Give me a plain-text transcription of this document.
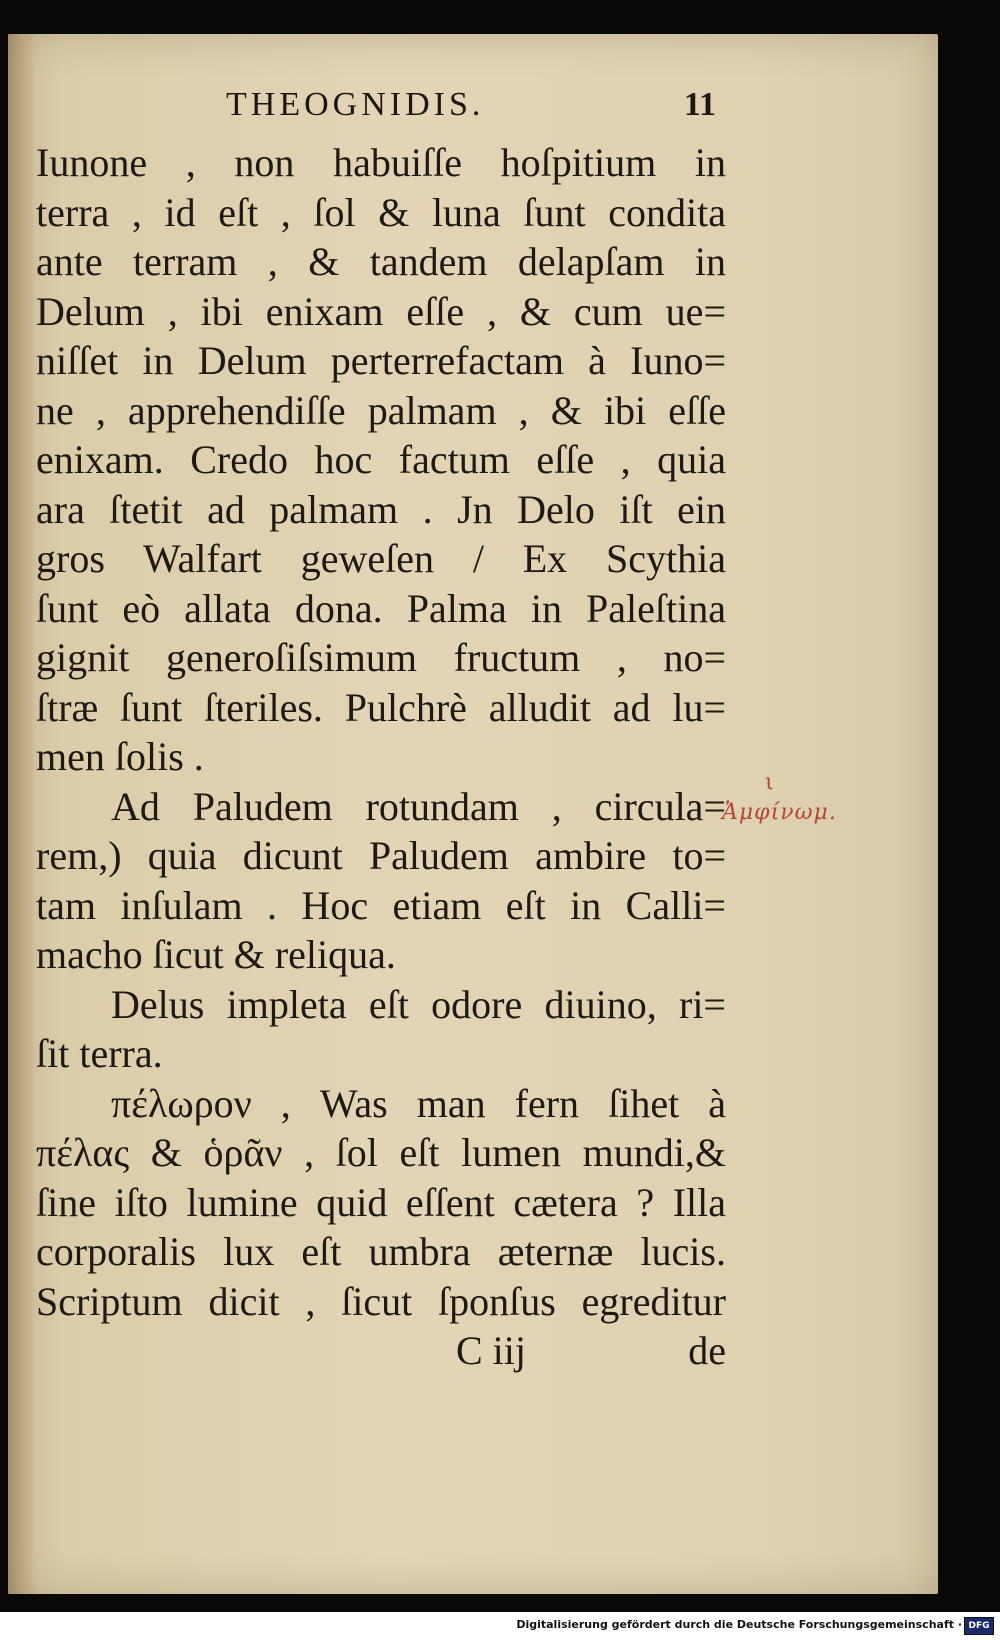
THEOGNIDIS.	11
Iunone , non habuiſſe hoſpitium in
terra , id eſt , ſol & luna ſunt condita
ante terram , & tandem delapſam in
Delum , ibi enixam eſſe , & cum ue=
niſſet in Delum perterrefactam à Iuno=
ne , apprehendiſſe palmam , & ibi eſſe
enixam. Credo hoc factum eſſe , quia
ara ſtetit ad palmam . Jn Delo iſt ein
gros Walfart geweſen / Ex Scythia
ſunt eò allata dona. Palma in Paleſtina
gignit generoſiſsimum fructum , no=
ſtræ ſunt ſteriles. Pulchrè alludit ad lu=
men ſolis .
Ad Paludem rotundam , circula=
rem,) quia dicunt Paludem ambire to=
tam inſulam . Hoc etiam eſt in Calli=
macho ſicut & reliqua.
Delus impleta eſt odore diuino, ri=
ſit terra.
πέλωρον , Was man fern ſihet à
πέλας & ὁρᾶν , ſol eſt lumen mundi,&
ſine iſto lumine quid eſſent cætera ? Illa
corporalis lux eſt umbra æternæ lucis.
Scriptum dicit , ſicut ſponſus egreditur
C iij	de
ι
Ἀμφίνωμ.
Digitalisierung gefördert durch die Deutsche Forschungsgemeinschaft · DFG
